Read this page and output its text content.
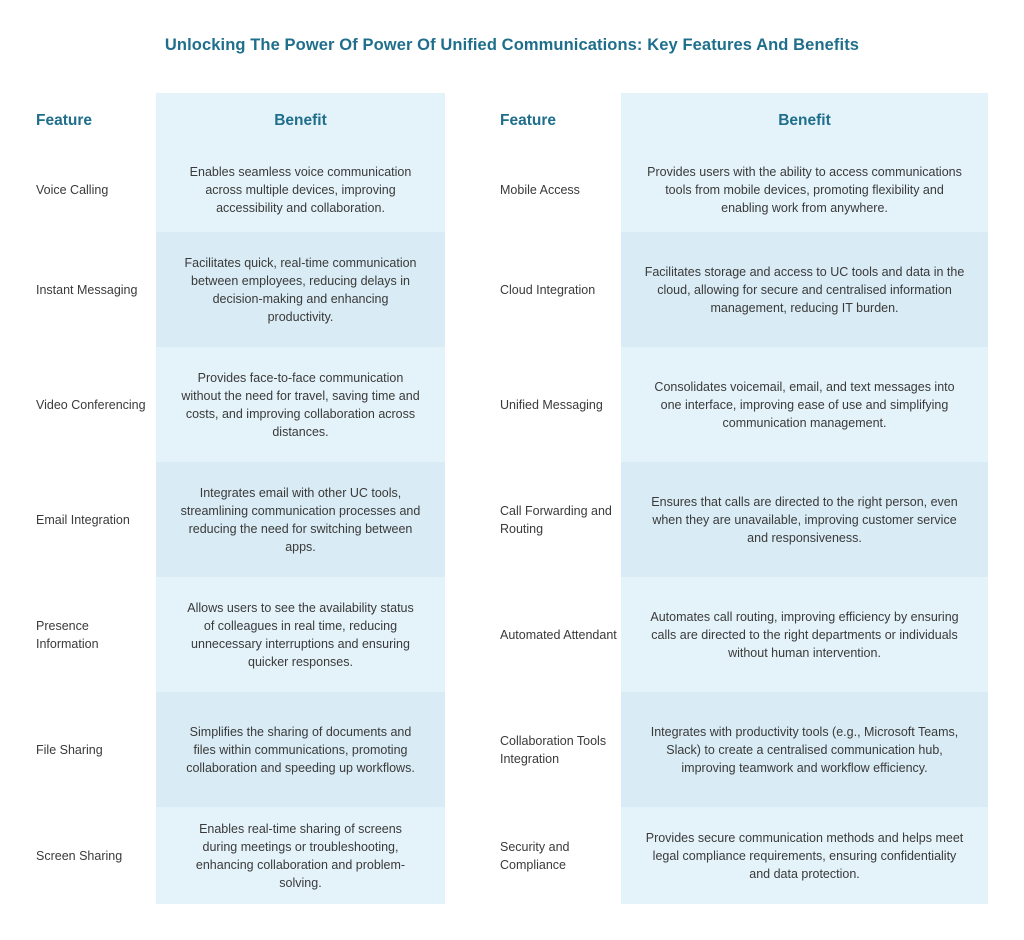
Unlocking The Power Of Power Of Unified Communications: Key Features And Benefits
Feature	Benefit
Voice Calling
Enables seamless voice communication across multiple devices, improving accessibility and collaboration.
Instant Messaging
Facilitates quick, real-time communication between employees, reducing delays in decision-making and enhancing productivity.
Video Conferencing
Provides face-to-face communication without the need for travel, saving time and costs, and improving collaboration across distances.
Email Integration
Integrates email with other UC tools, streamlining communication processes and reducing the need for switching between apps.
Presence Information
Allows users to see the availability status of colleagues in real time, reducing unnecessary interruptions and ensuring quicker responses.
File Sharing
Simplifies the sharing of documents and files within communications, promoting collaboration and speeding up workflows.
Screen Sharing
Enables real-time sharing of screens during meetings or troubleshooting, enhancing collaboration and problem-solving.
Feature	Benefit
Mobile Access
Provides users with the ability to access communications tools from mobile devices, promoting flexibility and enabling work from anywhere.
Cloud Integration
Facilitates storage and access to UC tools and data in the cloud, allowing for secure and centralised information management, reducing IT burden.
Unified Messaging
Consolidates voicemail, email, and text messages into one interface, improving ease of use and simplifying communication management.
Call Forwarding and Routing
Ensures that calls are directed to the right person, even when they are unavailable, improving customer service and responsiveness.
Automated Attendant
Automates call routing, improving efficiency by ensuring calls are directed to the right departments or individuals without human intervention.
Collaboration Tools Integration
Integrates with productivity tools (e.g., Microsoft Teams, Slack) to create a centralised communication hub, improving teamwork and workflow efficiency.
Security and Compliance
Provides secure communication methods and helps meet legal compliance requirements, ensuring confidentiality and data protection.
